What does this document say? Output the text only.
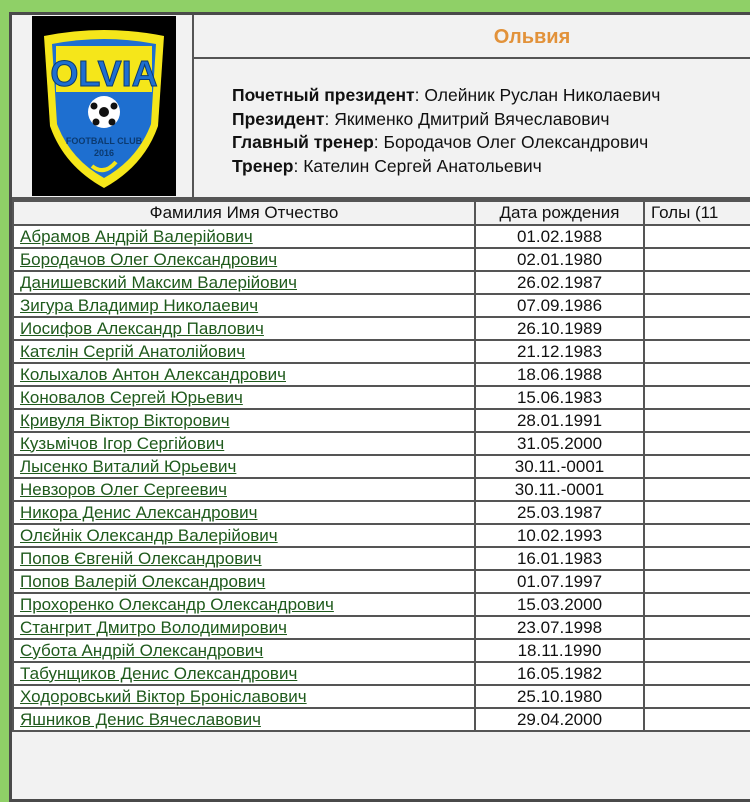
OLVIA
FOOTBALL CLUB
2016
Ольвия
Почетный президент: Олейник Руслан Николаевич
Президент: Якименко Дмитрий Вячеславович
Главный тренер: Бородачов Олег Олександрович
Тренер: Кателин Сергей Анатольевич
Фамилия Имя Отчество	Дата рождения	Голы (11
Абрамов Андрій Валерійович	01.02.1988	
Бородачов Олег Олександрович	02.01.1980	
Данишевский Максим Валерійович	26.02.1987	
Зигура Владимир Николаевич	07.09.1986	
Иосифов Александр Павлович	26.10.1989	
Катєлін Сергій Анатолійович	21.12.1983	
Колыхалов Антон Александрович	18.06.1988	
Коновалов Сергей Юрьевич	15.06.1983	
Кривуля Віктор Вікторович	28.01.1991	
Кузьмічов Ігор Сергійович	31.05.2000	
Лысенко Виталий Юрьевич	30.11.-0001	
Невзоров Олег Сергеевич	30.11.-0001	
Никора Денис Александрович	25.03.1987	
Олєйнік Олександр Валерійович	10.02.1993	
Попов Євгеній Олександрович	16.01.1983	
Попов Валерій Олександрович	01.07.1997	
Прохоренко Олександр Олександрович	15.03.2000	
Стангрит Дмитро Володимирович	23.07.1998	
Субота Андрій Олександрович	18.11.1990	
Табунщиков Денис Олександрович	16.05.1982	
Ходоровський Віктор Броніславович	25.10.1980	
Яшников Денис Вячеславович	29.04.2000	
